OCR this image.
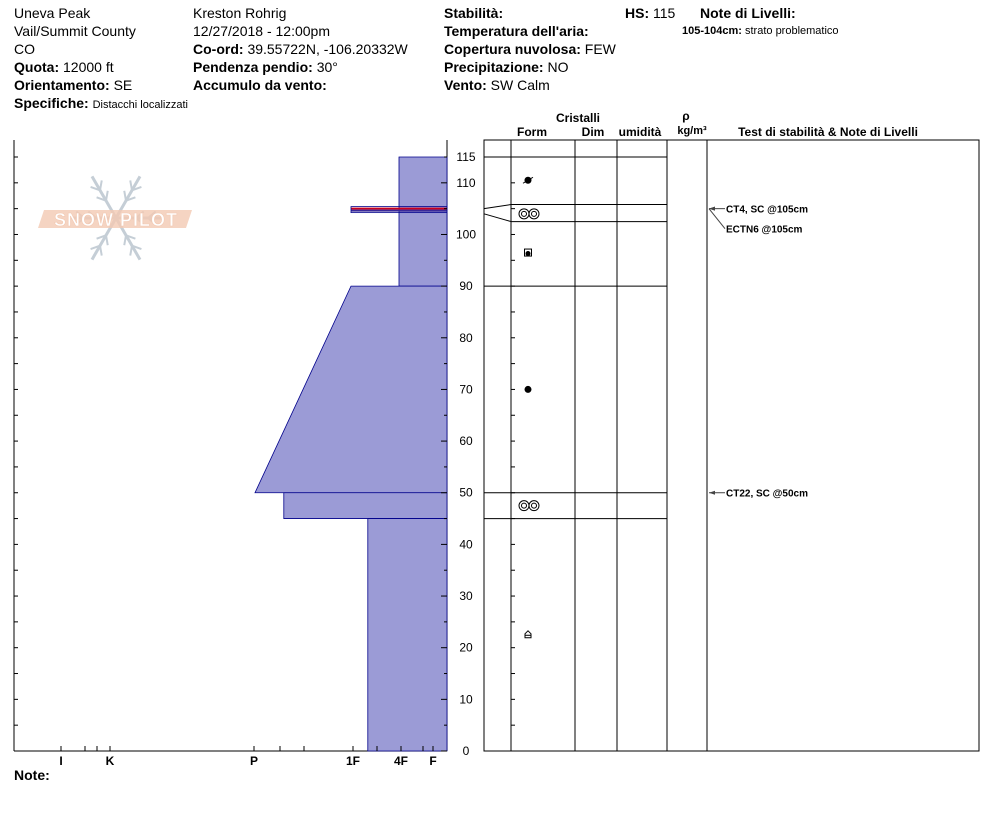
Uneva Peak
Vail/Summit County
CO
Quota: 12000 ft
Orientamento: SE
Specifiche: Distacchi localizzati
Kreston Rohrig
12/27/2018 - 12:00pm
Co-ord: 39.55722N, -106.20332W
Pendenza pendio: 30°
Accumulo da vento:
Stabilità:
Temperatura dell'aria:
Copertura nuvolosa: FEW
Precipitazione: NO
Vento: SW Calm
HS: 115 Note di Livelli:
105-104cm: strato problematico
Note:
SNOW PILOT
I	K	P	1F	4F F
0
10
20
30
40
50
60
70
80
90
100
110
115
Cristalli
Form	Dim umidità
ρ
kg/m³	Test di stabilità & Note di Livelli
CT4, SC @105cm
ECTN6 @105cm
CT22, SC @50cm
